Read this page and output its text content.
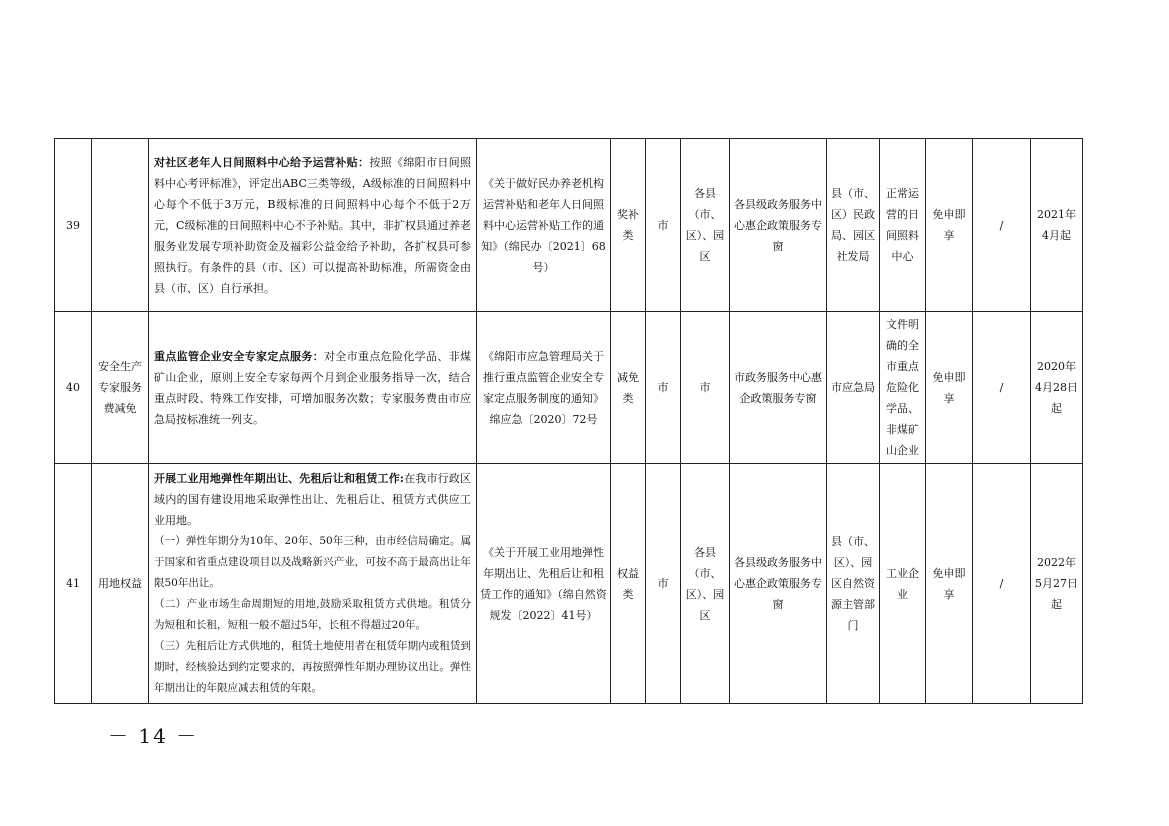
39		对社区老年人日间照料中心给予运营补贴：按照《绵阳市日间照料中心考评标准》，评定出ABC三类等级，A级标准的日间照料中心每个不低于3万元，B级标准的日间照料中心每个不低于2万元，C级标准的日间照料中心不予补贴。其中，非扩权县通过养老服务业发展专项补助资金及福彩公益金给予补助，各扩权县可参照执行。有条件的县（市、区）可以提高补助标准，所需资金由县（市、区）自行承担。	《关于做好民办养老机构运营补贴和老年人日间照料中心运营补贴工作的通知》（绵民办〔2021〕68号）	奖补类	市	各县（市、区）、园区	各县级政务服务中心惠企政策服务专窗	县（市、区）民政局、园区社发局	正常运营的日间照料中心	免申即享	/	2021年4月起
40	安全生产专家服务费减免	重点监管企业安全专家定点服务：对全市重点危险化学品、非煤矿山企业，原则上安全专家每两个月到企业服务指导一次，结合重点时段、特殊工作安排，可增加服务次数；专家服务费由市应急局按标准统一列支。	《绵阳市应急管理局关于推行重点监管企业安全专家定点服务制度的通知》绵应急〔2020〕72号	减免类	市	市	市政务服务中心惠企政策服务专窗	市应急局	文件明确的全市重点危险化学品、非煤矿山企业	免申即享	/	2020年4月28日起
41	用地权益	开展工业用地弹性年期出让、先租后让和租赁工作:在我市行政区域内的国有建设用地采取弹性出让、先租后让、租赁方式供应工业用地。

（一）弹性年期分为10年、20年、50年三种，由市经信局确定。属于国家和省重点建设项目以及战略新兴产业，可按不高于最高出让年限50年出让。

（二）产业市场生命周期短的用地,鼓励采取租赁方式供地。租赁分为短租和长租，短租一般不超过5年，长租不得超过20年。

（三）先租后让方式供地的，租赁土地使用者在租赁年期内或租赁到期时，经核验达到约定要求的，再按照弹性年期办理协议出让。弹性年期出让的年限应减去租赁的年限。	《关于开展工业用地弹性年期出让、先租后让和租赁工作的通知》（绵自然资规发〔2022〕41号）	权益类	市	各县（市、区）、园区	各县级政务服务中心惠企政策服务专窗	县（市、区）、园区自然资源主管部门	工业企业	免申即享	/	2022年5月27日起
－ 14 －
